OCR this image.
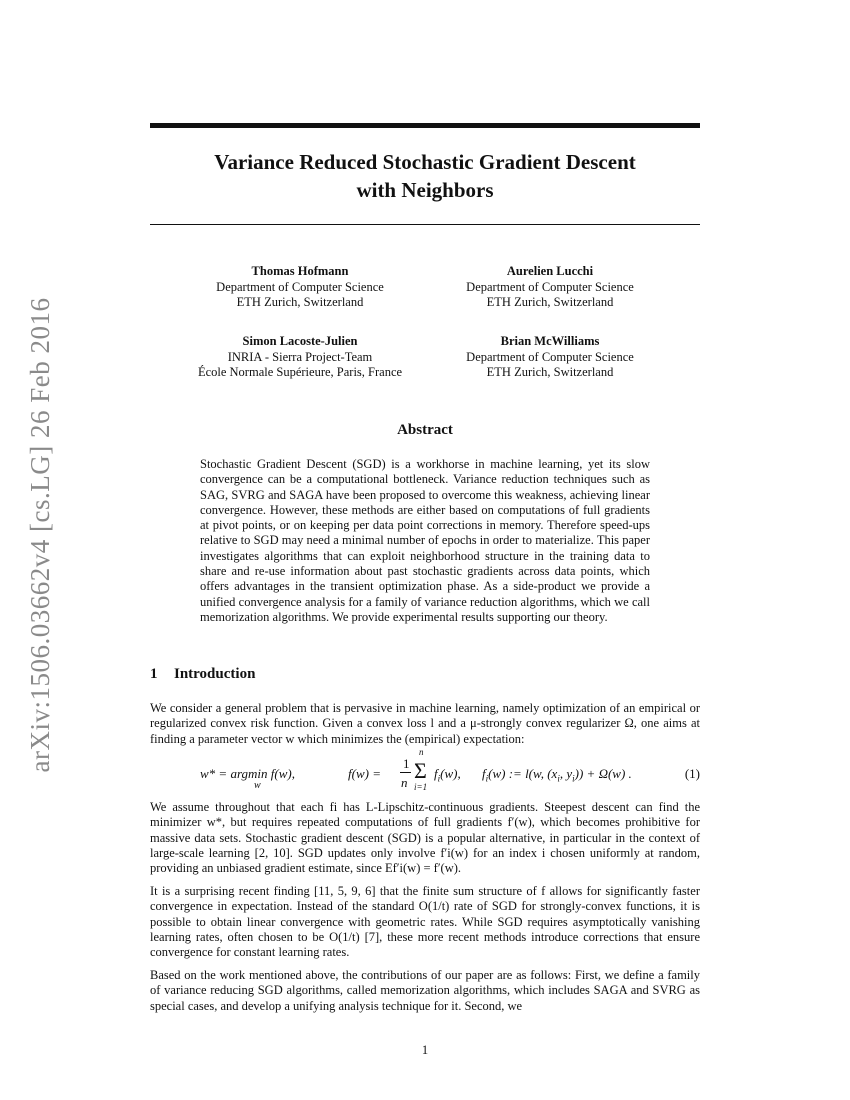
arXiv:1506.03662v4 [cs.LG] 26 Feb 2016
Variance Reduced Stochastic Gradient Descent
with Neighbors
Thomas Hofmann
Department of Computer Science
ETH Zurich, Switzerland
Aurelien Lucchi
Department of Computer Science
ETH Zurich, Switzerland
Simon Lacoste-Julien
INRIA - Sierra Project-Team
École Normale Supérieure, Paris, France
Brian McWilliams
Department of Computer Science
ETH Zurich, Switzerland
Abstract

Stochastic Gradient Descent (SGD) is a workhorse in machine learning, yet its slow convergence can be a computational bottleneck. Variance reduction techniques such as SAG, SVRG and SAGA have been proposed to overcome this weakness, achieving linear convergence. However, these methods are either based on computations of full gradients at pivot points, or on keeping per data point corrections in memory. Therefore speed-ups relative to SGD may need a minimal number of epochs in order to materialize. This paper investigates algorithms that can exploit neighborhood structure in the training data to share and re-use information about past stochastic gradients across data points, which offers advantages in the transient optimization phase. As a side-product we provide a unified convergence analysis for a family of variance reduction algorithms, which we call memorization algorithms. We provide experimental results supporting our theory.

1 Introduction

We consider a general problem that is pervasive in machine learning, namely optimization of an empirical or regularized convex risk function. Given a convex loss l and a μ-strongly convex regularizer Ω, one aims at finding a parameter vector w which minimizes the (empirical) expectation:

w* = argmin f(w),
w
f(w) =
1
n Σ
n
i=1
$f_i(w)$, $f_i(w)$ := l(w, ($x_i$, $y_i)) + \Omega(w)$ .	(1)

We assume throughout that each fi has L-Lipschitz-continuous gradients. Steepest descent can find the minimizer w*, but requires repeated computations of full gradients f′(w), which becomes prohibitive for massive data sets. Stochastic gradient descent (SGD) is a popular alternative, in particular in the context of large-scale learning [2, 10]. SGD updates only involve f′i(w) for an index i chosen uniformly at random, providing an unbiased gradient estimate, since Ef′i(w) = f′(w).

It is a surprising recent finding [11, 5, 9, 6] that the finite sum structure of f allows for significantly faster convergence in expectation. Instead of the standard O(1/t) rate of SGD for strongly-convex functions, it is possible to obtain linear convergence with geometric rates. While SGD requires asymptotically vanishing learning rates, often chosen to be O(1/t) [7], these more recent methods introduce corrections that ensure convergence for constant learning rates.

Based on the work mentioned above, the contributions of our paper are as follows: First, we define a family of variance reducing SGD algorithms, called memorization algorithms, which includes SAGA and SVRG as special cases, and develop a unifying analysis technique for it. Second, we

1
